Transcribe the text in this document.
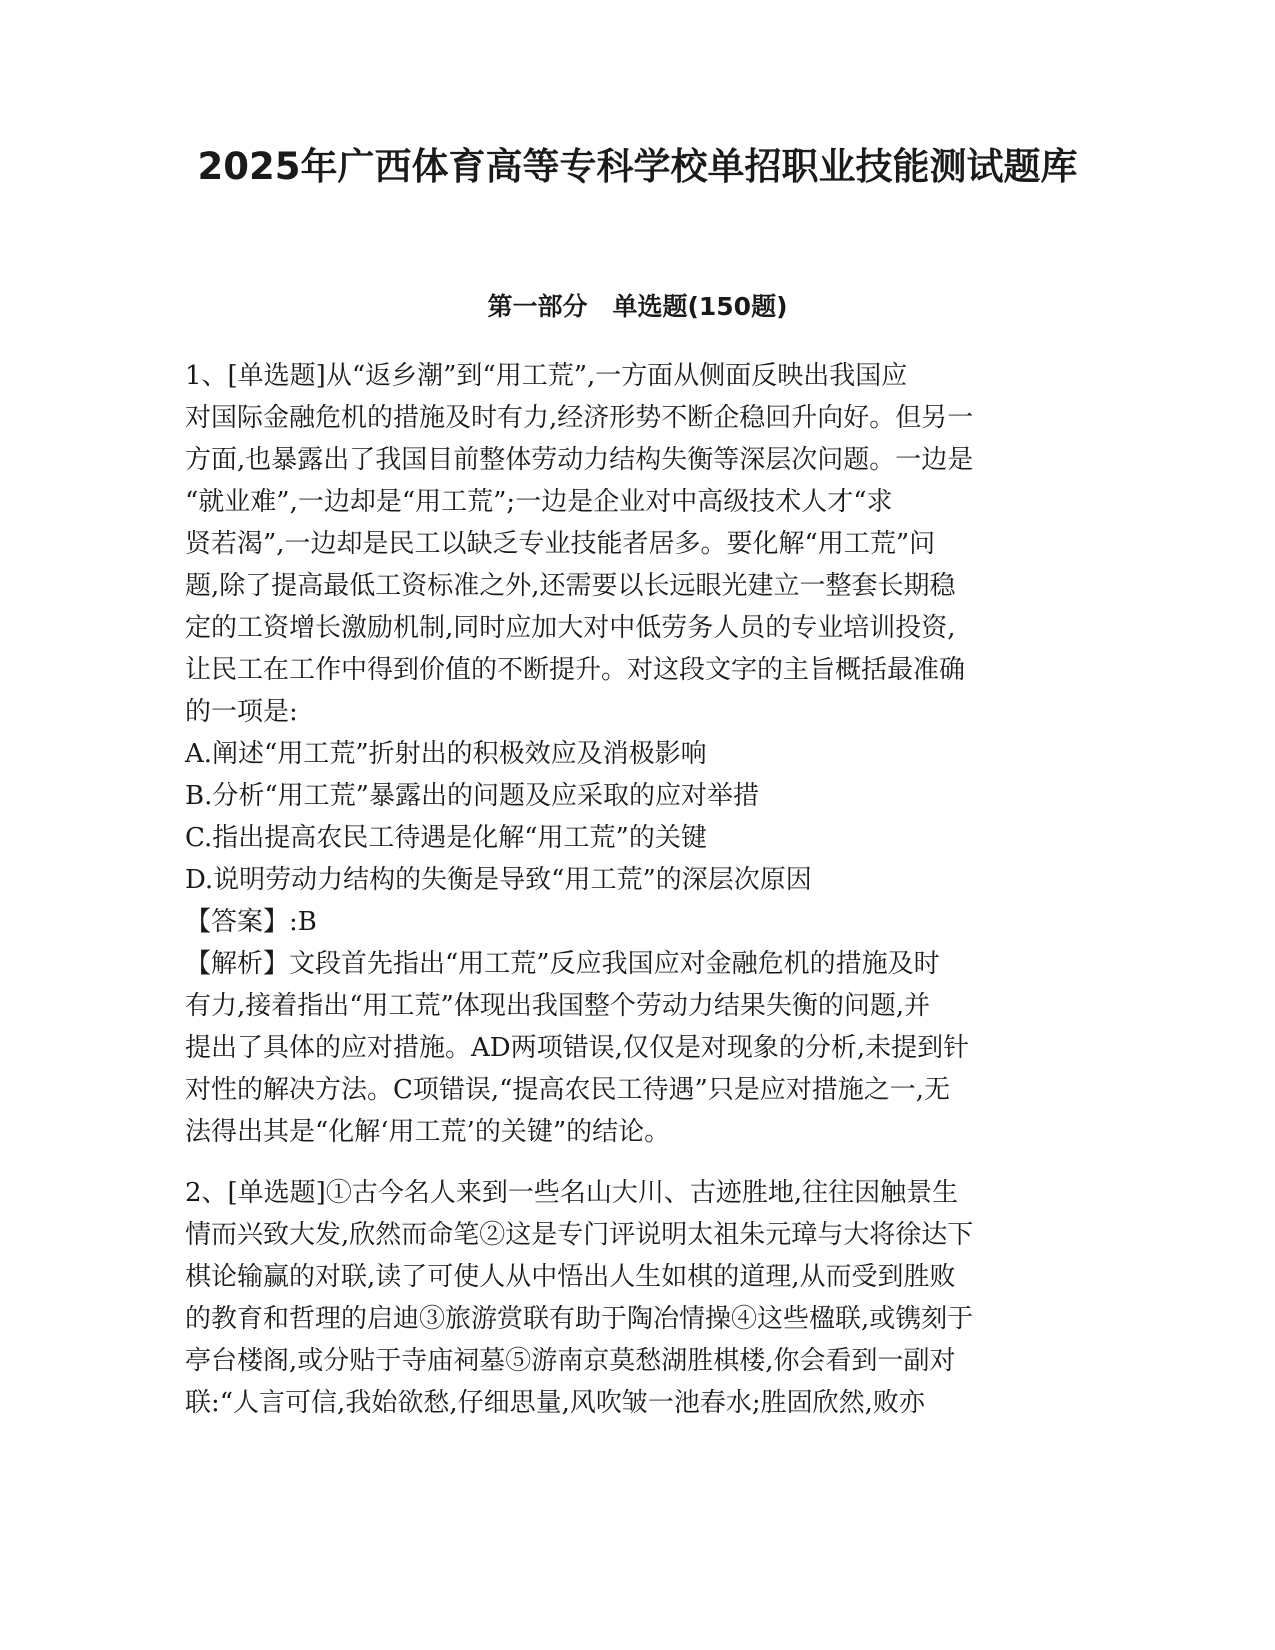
2025年广西体育高等专科学校单招职业技能测试题库
第一部分　单选题(150题)

1、[单选题]从“返乡潮”到“用工荒”,一方面从侧面反映出我国应

对国际金融危机的措施及时有力,经济形势不断企稳回升向好。但另一

方面,也暴露出了我国目前整体劳动力结构失衡等深层次问题。一边是

“就业难”,一边却是“用工荒”;一边是企业对中高级技术人才“求

贤若渴”,一边却是民工以缺乏专业技能者居多。要化解“用工荒”问

题,除了提高最低工资标准之外,还需要以长远眼光建立一整套长期稳

定的工资增长激励机制,同时应加大对中低劳务人员的专业培训投资,

让民工在工作中得到价值的不断提升。对这段文字的主旨概括最准确

的一项是:

A.阐述“用工荒”折射出的积极效应及消极影响

B.分析“用工荒”暴露出的问题及应采取的应对举措

C.指出提高农民工待遇是化解“用工荒”的关键

D.说明劳动力结构的失衡是导致“用工荒”的深层次原因

【答案】:B

【解析】文段首先指出“用工荒”反应我国应对金融危机的措施及时

有力,接着指出“用工荒”体现出我国整个劳动力结果失衡的问题,并

提出了具体的应对措施。AD两项错误,仅仅是对现象的分析,未提到针

对性的解决方法。C项错误,“提高农民工待遇”只是应对措施之一,无

法得出其是“化解‘用工荒’的关键”的结论。

2、[单选题]①古今名人来到一些名山大川、古迹胜地,往往因触景生

情而兴致大发,欣然而命笔②这是专门评说明太祖朱元璋与大将徐达下

棋论输赢的对联,读了可使人从中悟出人生如棋的道理,从而受到胜败

的教育和哲理的启迪③旅游赏联有助于陶冶情操④这些楹联,或镌刻于

亭台楼阁,或分贴于寺庙祠墓⑤游南京莫愁湖胜棋楼,你会看到一副对

联:“人言可信,我始欲愁,仔细思量,风吹皱一池春水;胜固欣然,败亦
